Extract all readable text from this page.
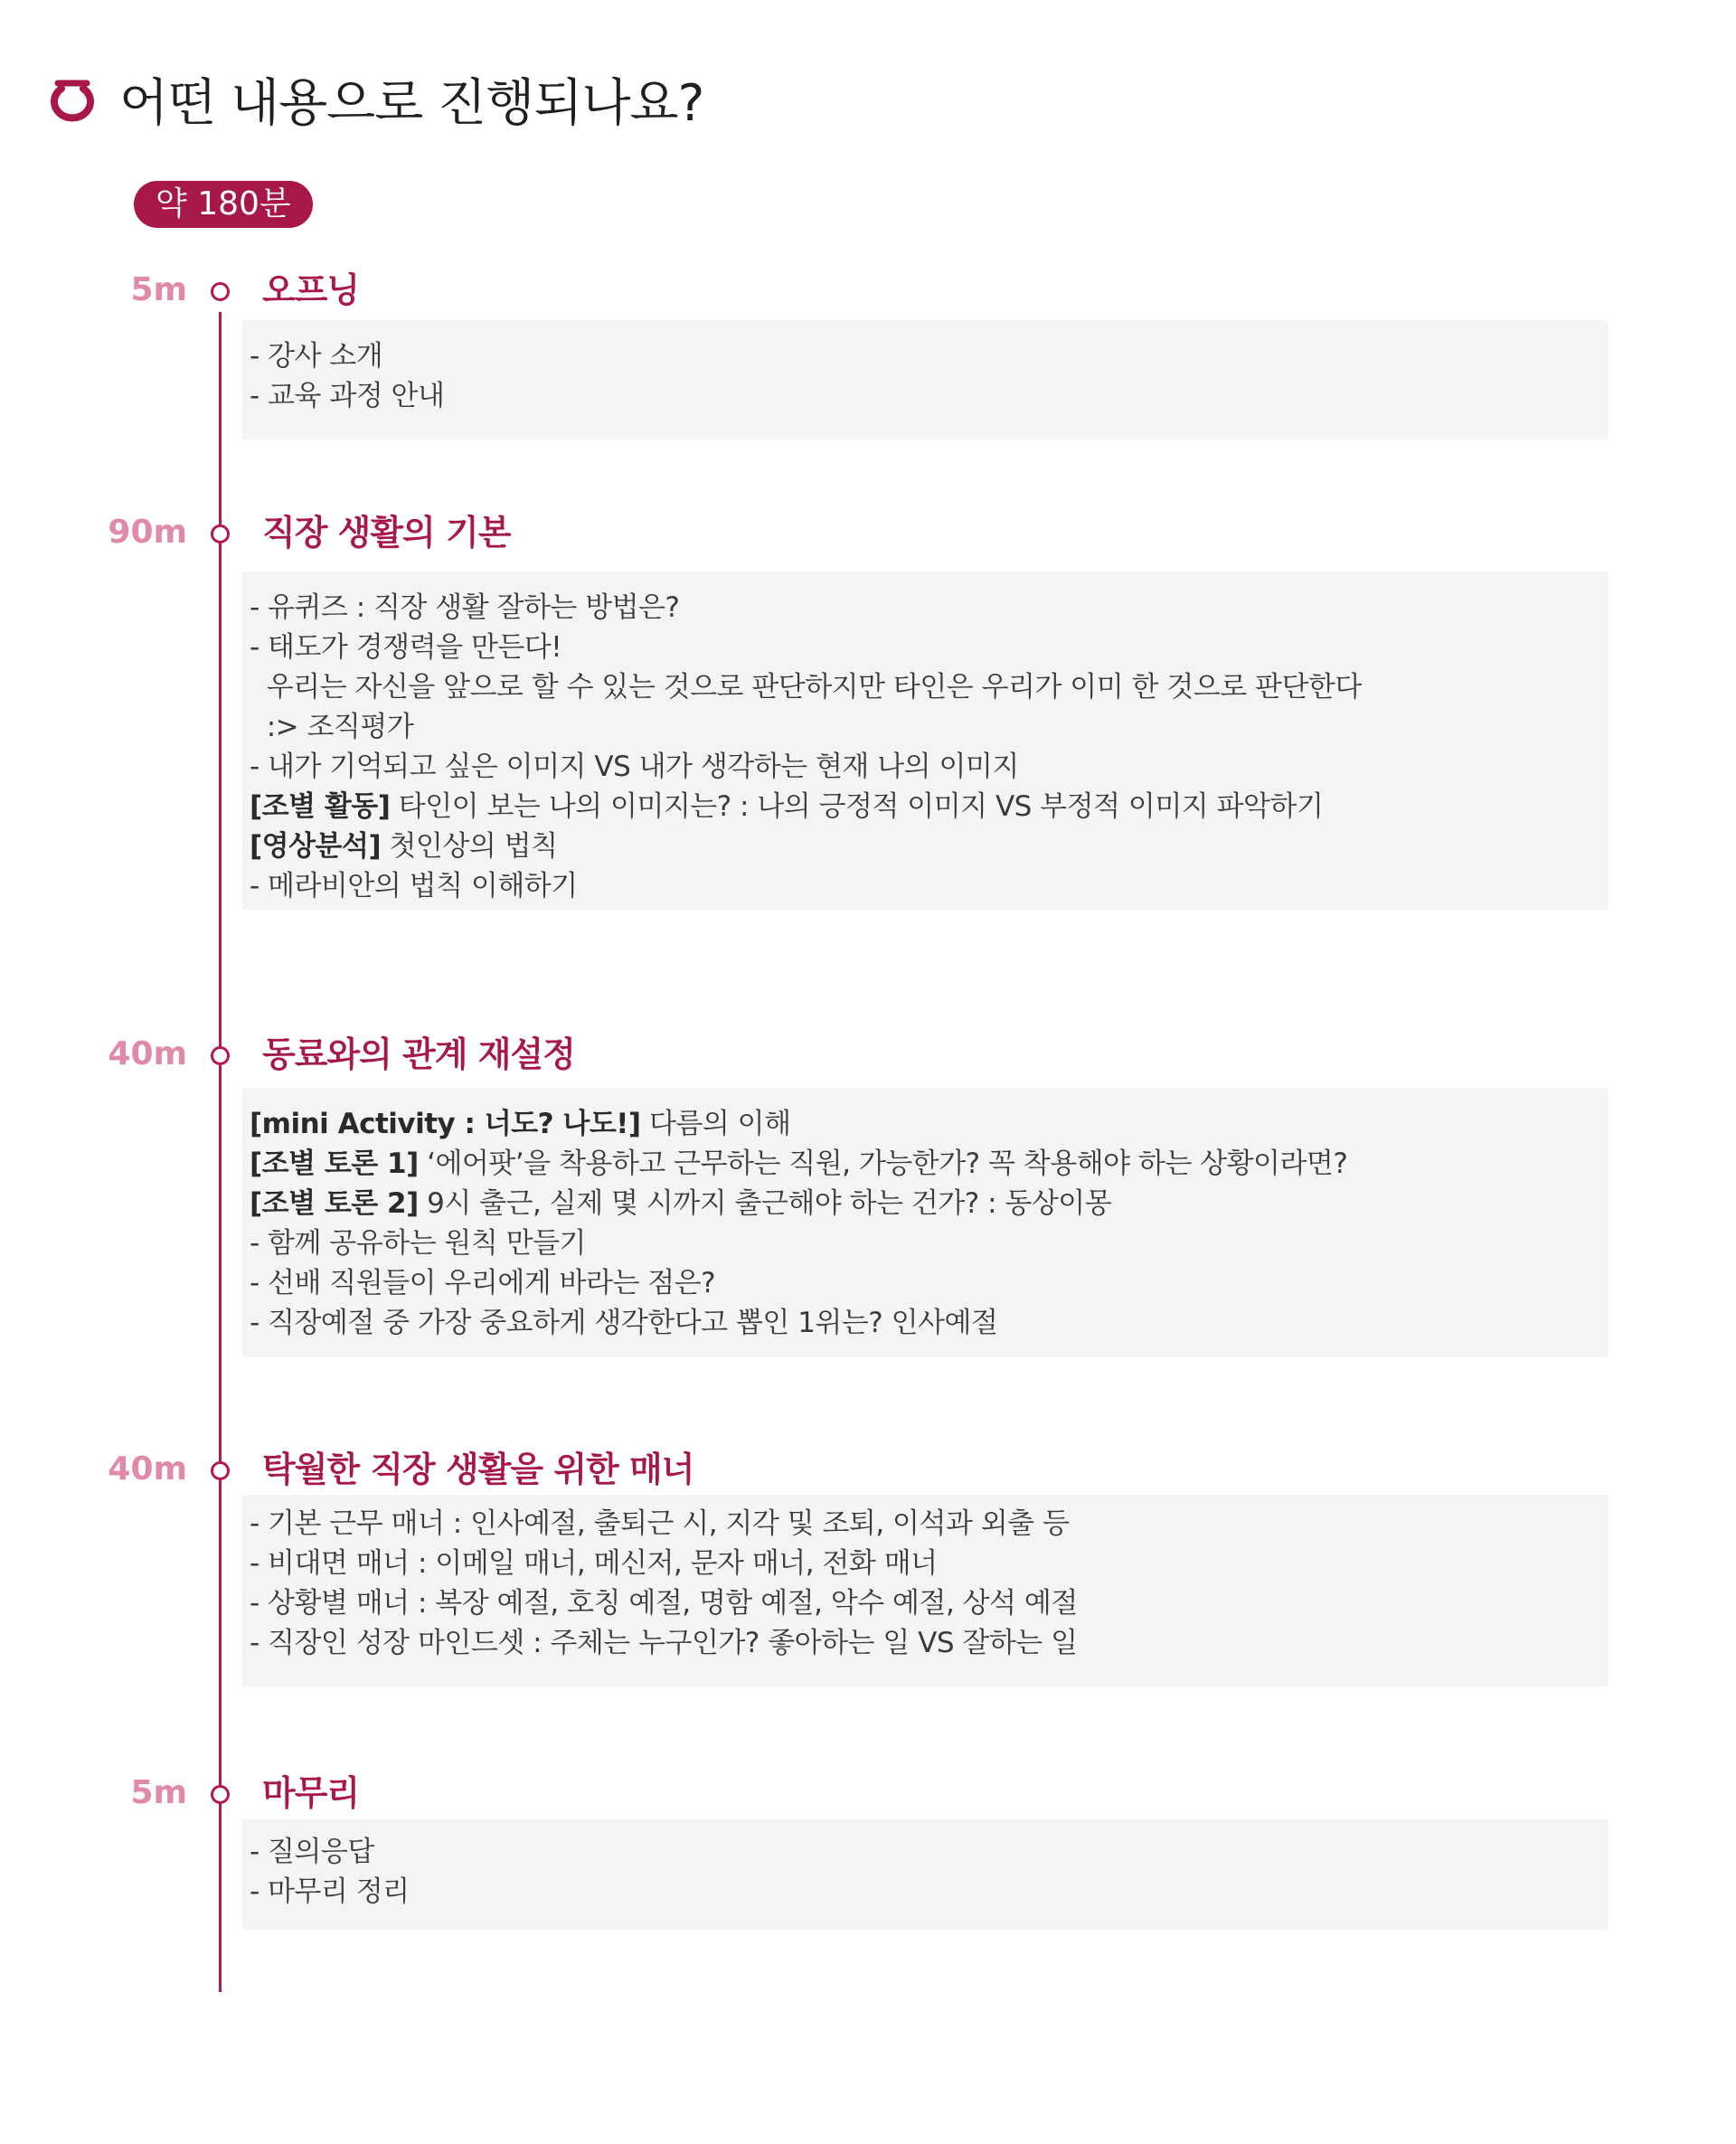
어떤 내용으로 진행되나요?
약 180분
5m 오프닝
- 강사 소개
- 교육 과정 안내
90m 직장 생활의 기본
- 유퀴즈 : 직장 생활 잘하는 방법은?
- 태도가 경쟁력을 만든다!
우리는 자신을 앞으로 할 수 있는 것으로 판단하지만 타인은 우리가 이미 한 것으로 판단한다
:> 조직평가
- 내가 기억되고 싶은 이미지 VS 내가 생각하는 현재 나의 이미지
[조별 활동] 타인이 보는 나의 이미지는? : 나의 긍정적 이미지 VS 부정적 이미지 파악하기
[영상분석] 첫인상의 법칙
- 메라비안의 법칙 이해하기
40m 동료와의 관계 재설정
[mini Activity : 너도? 나도!] 다름의 이해
[조별 토론 1] ‘에어팟’을 착용하고 근무하는 직원, 가능한가? 꼭 착용해야 하는 상황이라면?
[조별 토론 2] 9시 출근, 실제 몇 시까지 출근해야 하는 건가? : 동상이몽
- 함께 공유하는 원칙 만들기
- 선배 직원들이 우리에게 바라는 점은?
- 직장예절 중 가장 중요하게 생각한다고 뽑인 1위는? 인사예절
40m 탁월한 직장 생활을 위한 매너
- 기본 근무 매너 : 인사예절, 출퇴근 시, 지각 및 조퇴, 이석과 외출 등
- 비대면 매너 : 이메일 매너, 메신저, 문자 매너, 전화 매너
- 상황별 매너 : 복장 예절, 호칭 예절, 명함 예절, 악수 예절, 상석 예절
- 직장인 성장 마인드셋 : 주체는 누구인가? 좋아하는 일 VS 잘하는 일
5m 마무리
- 질의응답
- 마무리 정리
